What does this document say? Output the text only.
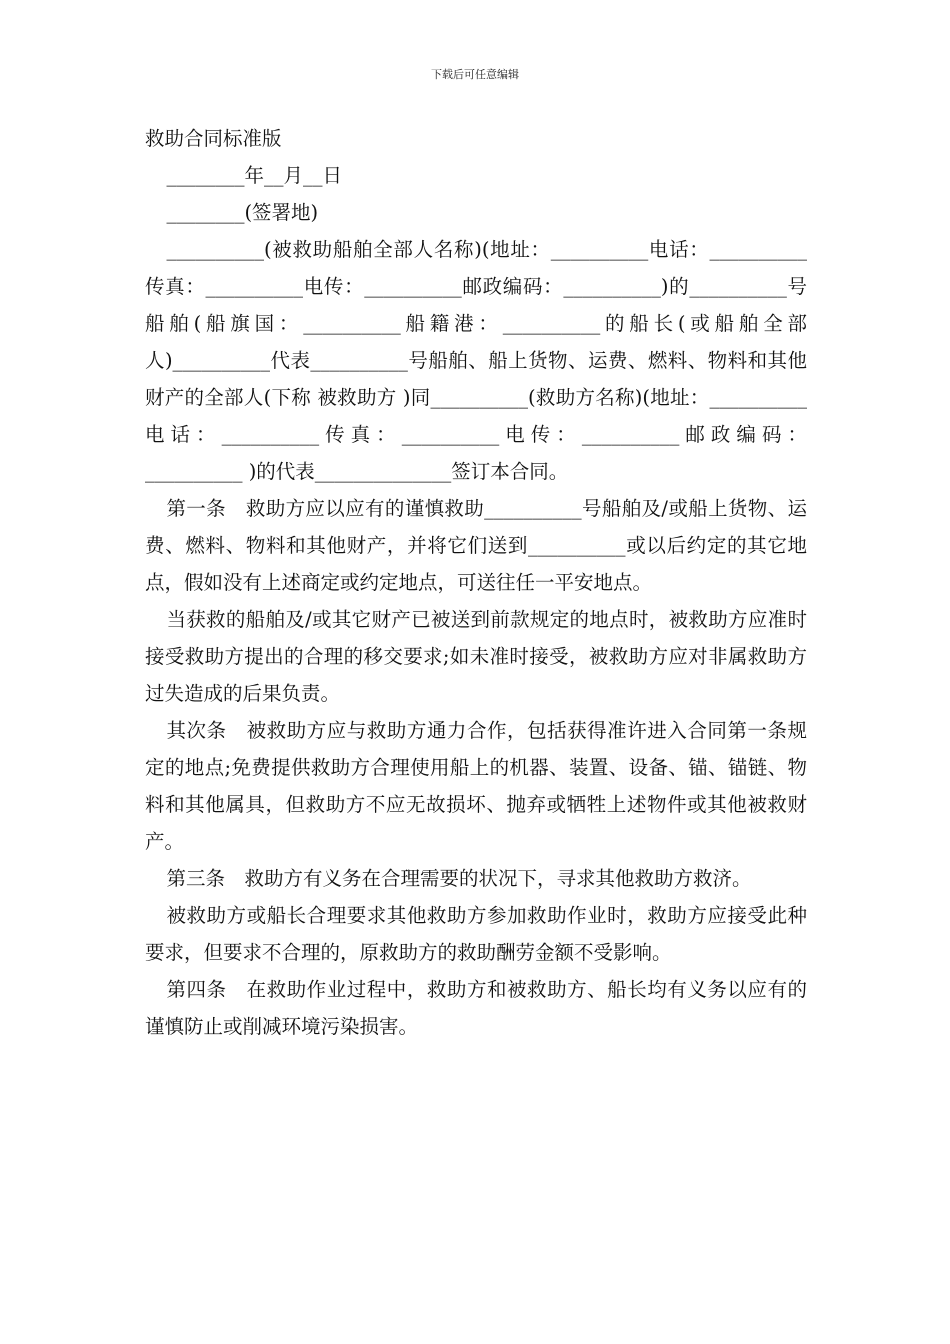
下载后可任意编辑
救助合同标准版
________年__月__日
________(签署地)
__________(被救助船舶全部人名称)(地址：__________电话：__________传真：__________电传：__________邮政编码：__________)的__________号船舶(船旗国：__________船籍港：__________的船长(或船舶全部人)__________代表__________号船舶、船上货物、运费、燃料、物料和其他财产的全部人(下称 被救助方 )同__________(救助方名称)(地址：__________电话：__________传真：__________电传：__________邮政编码：__________ )的代表______________签订本合同。
第一条　救助方应以应有的谨慎救助__________号船舶及/或船上货物、运费、燃料、物料和其他财产，并将它们送到__________或以后约定的其它地点，假如没有上述商定或约定地点，可送往任一平安地点。
当获救的船舶及/或其它财产已被送到前款规定的地点时，被救助方应准时接受救助方提出的合理的移交要求;如未准时接受，被救助方应对非属救助方过失造成的后果负责。
其次条　被救助方应与救助方通力合作，包括获得准许进入合同第一条规定的地点;免费提供救助方合理使用船上的机器、装置、设备、锚、锚链、物料和其他属具，但救助方不应无故损坏、抛弃或牺牲上述物件或其他被救财产。
第三条　救助方有义务在合理需要的状况下，寻求其他救助方救济。
被救助方或船长合理要求其他救助方参加救助作业时，救助方应接受此种要求，但要求不合理的，原救助方的救助酬劳金额不受影响。
第四条　在救助作业过程中，救助方和被救助方、船长均有义务以应有的谨慎防止或削减环境污染损害。
